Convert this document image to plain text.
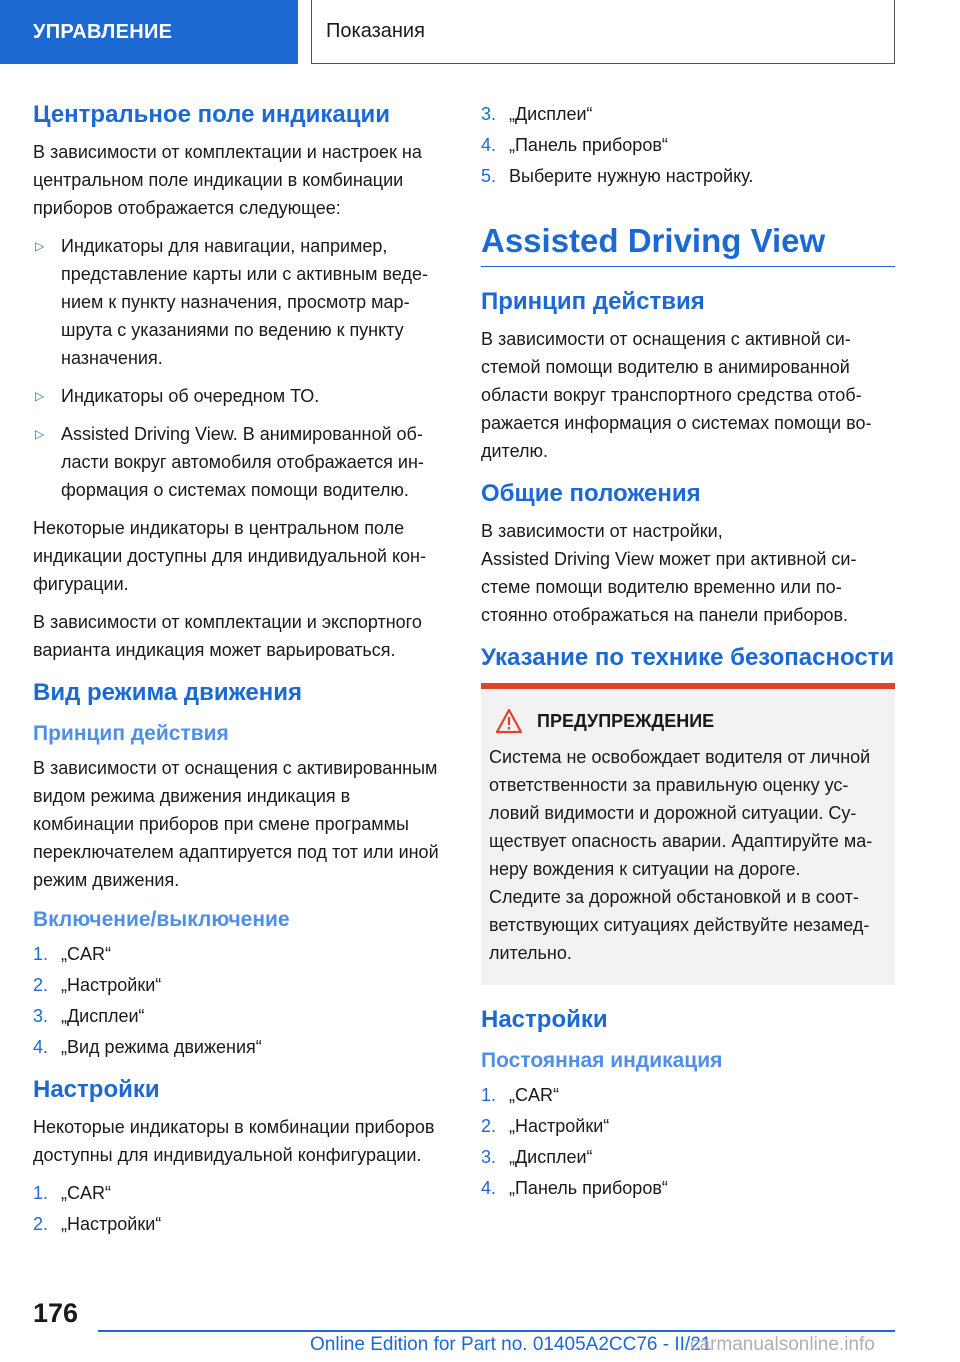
УПРАВЛЕНИЕ	Показания
Центральное поле индикации

В зависимости от комплектации и настроек на центральном поле индикации в комбинации приборов отображается следующее:

▷ Индикаторы для навигации, например, представление карты или с активным ведением к пункту назначения, просмотр маршрута с указаниями по ведению к пункту назначения.
▷ Индикаторы об очередном ТО.
▷ Assisted Driving View. В анимированной области вокруг автомобиля отображается информация о системах помощи водителю.

Некоторые индикаторы в центральном поле индикации доступны для индивидуальной конфигурации.

В зависимости от комплектации и экспортного варианта индикация может варьироваться.

Вид режима движения
Принцип действия

В зависимости от оснащения с активированным видом режима движения индикация в комбинации приборов при смене программы переключателем адаптируется под тот или иной режим движения.

Включение/выключение
1. „CAR“
2. „Настройки“
3. „Дисплеи“
4. „Вид режима движения“
Настройки

Некоторые индикаторы в комбинации приборов доступны для индивидуальной конфигурации.

1. „CAR“
2. „Настройки“
3. „Дисплеи“
4. „Панель приборов“
5. Выберите нужную настройку.
Assisted Driving View
Принцип действия

В зависимости от оснащения с активной системой помощи водителю в анимированной области вокруг транспортного средства отображается информация о системах помощи водителю.

Общие положения

В зависимости от настройки,
Assisted Driving View может при активной системе помощи водителю временно или постоянно отображаться на панели приборов.

Указание по технике безопасности
ПРЕДУПРЕЖДЕНИЕ

Система не освобождает водителя от личной ответственности за правильную оценку условий видимости и дорожной ситуации. Существует опасность аварии. Адаптируйте манеру вождения к ситуации на дороге.

Следите за дорожной обстановкой и в соответствующих ситуациях действуйте незамедлительно.

Настройки
Постоянная индикация
1. „CAR“
2. „Настройки“
3. „Дисплеи“
4. „Панель приборов“
176
Online Edition for Part no. 01405A2CC76 - II/21
carmanualsonline.info
